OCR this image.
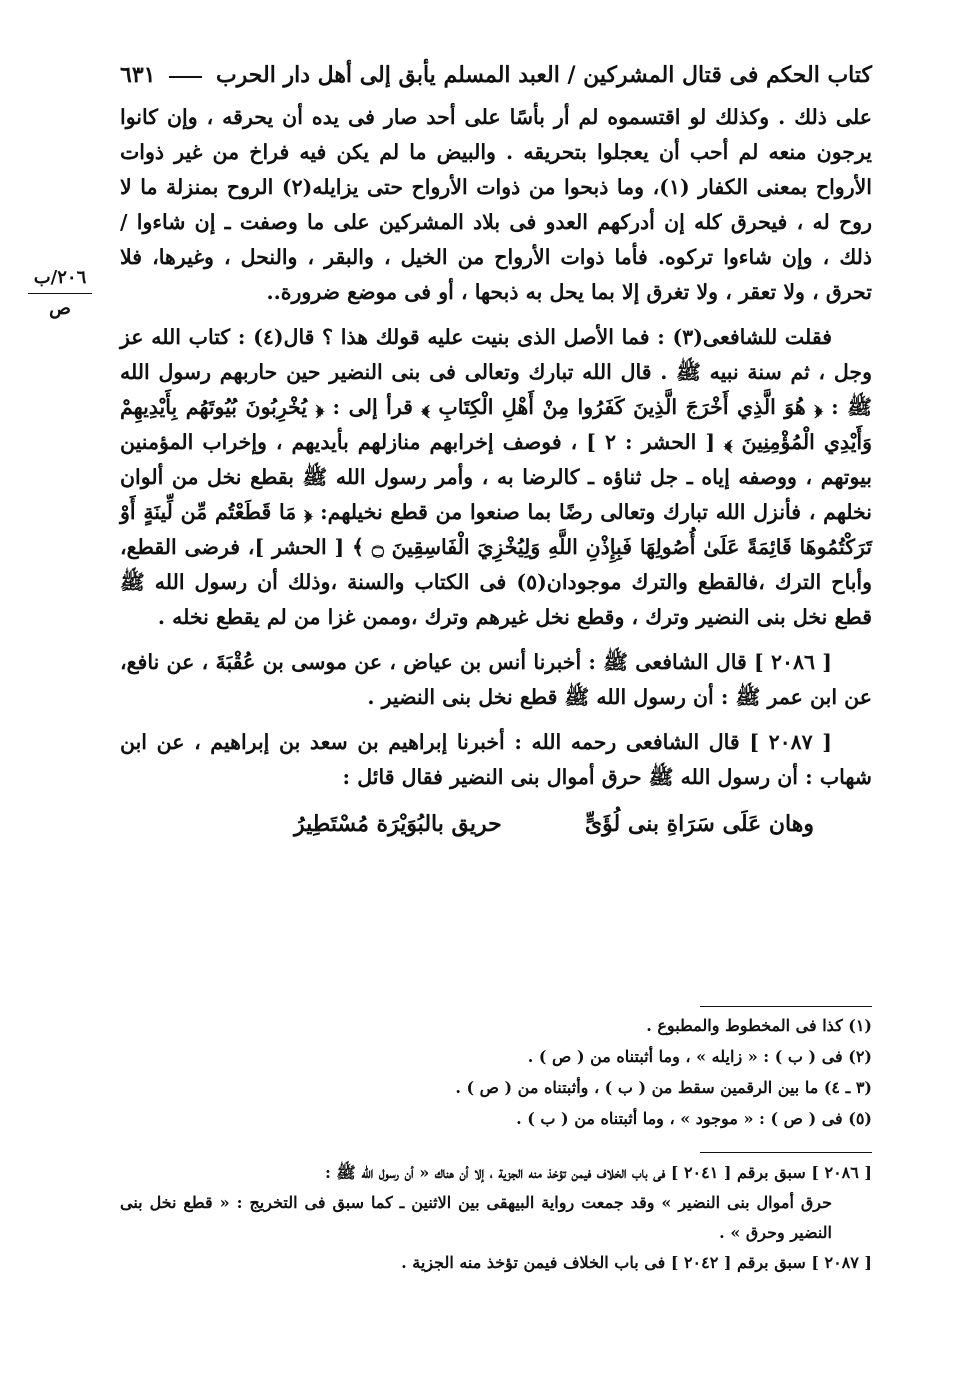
كتاب الحكم فى قتال المشركين / العبد المسلم يأبق إلى أهل دار الحرب
٦٣١
٢٠٦/ب
ص

على ذلك . وكذلك لو اقتسموه لم أر بأسًا على أحد صار فى يده أن يحرقه ، وإن كانوا يرجون منعه لم أحب أن يعجلوا بتحريقه . والبيض ما لم يكن فيه فراخ من غير ذوات الأرواح بمعنى الكفار (١)، وما ذبحوا من ذوات الأرواح حتى يزايله(٢) الروح بمنزلة ما لا روح له ، فيحرق كله إن أدركهم العدو فى بلاد المشركين على ما وصفت ـ إن شاءوا / ذلك ، وإن شاءوا تركوه. فأما ذوات الأرواح من الخيل ، والبقر ، والنحل ، وغيرها، فلا تحرق ، ولا تعقر ، ولا تغرق إلا بما يحل به ذبحها ، أو فى موضع ضرورة..

فقلت للشافعى(٣) : فما الأصل الذى بنيت عليه قولك هذا ؟ قال(٤) : كتاب الله عز وجل ، ثم سنة نبيه ﷺ . قال الله تبارك وتعالى فى بنى النضير حين حاربهم رسول الله ﷺ : ﴿ هُوَ الَّذِي أَخْرَجَ الَّذِينَ كَفَرُوا مِنْ أَهْلِ الْكِتَابِ ﴾ قرأ إلى : ﴿ يُخْرِبُونَ بُيُوتَهُم بِأَيْدِيهِمْ وَأَيْدِي الْمُؤْمِنِينَ ﴾ [ الحشر : ٢ ] ، فوصف إخرابهم منازلهم بأيديهم ، وإخراب المؤمنين بيوتهم ، ووصفه إياه ـ جل ثناؤه ـ كالرضا به ، وأمر رسول الله ﷺ بقطع نخل من ألوان نخلهم ، فأنزل الله تبارك وتعالى رضًا بما صنعوا من قطع نخيلهم: ﴿ مَا قَطَعْتُم مِّن لِّينَةٍ أَوْ تَرَكْتُمُوهَا قَائِمَةً عَلَىٰ أُصُولِهَا فَبِإِذْنِ اللَّهِ وَلِيُخْزِيَ الْفَاسِقِينَ ۝ ﴾ [ الحشر ]، فرضى القطع، وأباح الترك ،فالقطع والترك موجودان(٥) فى الكتاب والسنة ،وذلك أن رسول الله ﷺ قطع نخل بنى النضير وترك ، وقطع نخل غيرهم وترك ،وممن غزا من لم يقطع نخله .

[ ٢٠٨٦ ] قال الشافعى ﷺ : أخبرنا أنس بن عياض ، عن موسى بن عُقْبَةَ ، عن نافع، عن ابن عمر ﷺ : أن رسول الله ﷺ قطع نخل بنى النضير .

[ ٢٠٨٧ ] قال الشافعى رحمه الله : أخبرنا إبراهيم بن سعد بن إبراهيم ، عن ابن شهاب : أن رسول الله ﷺ حرق أموال بنى النضير فقال قائل :

وهان عَلَى سَرَاةِ بنى لُؤَىٍّ
حريق بالبُوَيْرَة مُسْتَطِيرُ
(١) كذا فى المخطوط والمطبوع .
(٢) فى ( ب ) : « زايله » ، وما أثبتناه من ( ص ) .
(٣ ـ ٤) ما بين الرقمين سقط من ( ب ) ، وأثبتناه من ( ص ) .
(٥) فى ( ص ) : « موجود » ، وما أثبتناه من ( ب ) .

[ ٢٠٨٦ ] سبق برقم [ ٢٠٤١ ] فى باب الخلاف فيمن تؤخذ منه الجزية ، إلا أن هناك « أن رسول الله ﷺ :

حرق أموال بنى النضير » وقد جمعت رواية البيهقى بين الاثنين ـ كما سبق فى التخريج : « قطع نخل بنى النضير وحرق » .

[ ٢٠٨٧ ] سبق برقم [ ٢٠٤٢ ] فى باب الخلاف فيمن تؤخذ منه الجزية .
